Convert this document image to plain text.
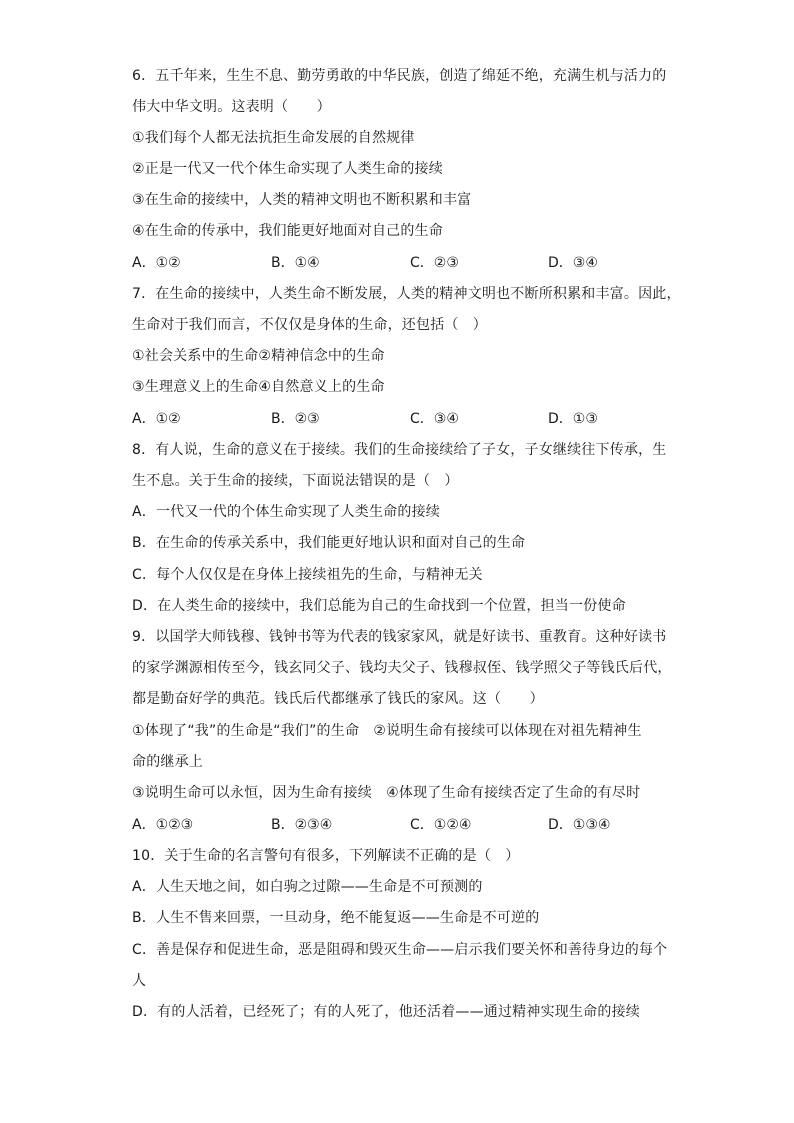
6．五千年来，生生不息、勤劳勇敢的中华民族，创造了绵延不绝，充满生机与活力的
伟大中华文明。这表明（　　）
①我们每个人都无法抗拒生命发展的自然规律
②正是一代又一代个体生命实现了人类生命的接续
③在生命的接续中，人类的精神文明也不断积累和丰富
④在生命的传承中，我们能更好地面对自己的生命
A．①②	B．①④	C．②③	D．③④
7．在生命的接续中，人类生命不断发展，人类的精神文明也不断所积累和丰富。因此，
生命对于我们而言，不仅仅是身体的生命，还包括（　）
①社会关系中的生命②精神信念中的生命
③生理意义上的生命④自然意义上的生命
A．①②	B．②③	C．③④	D．①③
8．有人说，生命的意义在于接续。我们的生命接续给了子女，子女继续往下传承，生
生不息。关于生命的接续，下面说法错误的是（　）
A．一代又一代的个体生命实现了人类生命的接续
B．在生命的传承关系中，我们能更好地认识和面对自己的生命
C．每个人仅仅是在身体上接续祖先的生命，与精神无关
D．在人类生命的接续中，我们总能为自己的生命找到一个位置，担当一份使命
9．以国学大师钱穆、钱钟书等为代表的钱家家风，就是好读书、重教育。这种好读书
的家学渊源相传至今，钱玄同父子、钱均夫父子、钱穆叔侄、钱学照父子等钱氏后代，
都是勤奋好学的典范。钱氏后代都继承了钱氏的家风。这（　　）
①体现了“我”的生命是“我们”的生命　②说明生命有接续可以体现在对祖先精神生
命的继承上
③说明生命可以永恒，因为生命有接续　④体现了生命有接续否定了生命的有尽时
A．①②③	B．②③④	C．①②④	D．①③④
10．关于生命的名言警句有很多，下列解读不正确的是（　）
A．人生天地之间，如白驹之过隙——生命是不可预测的
B．人生不售来回票，一旦动身，绝不能复返——生命是不可逆的
C．善是保存和促进生命，恶是阻碍和毁灭生命——启示我们要关怀和善待身边的每个
人
D．有的人活着，已经死了；有的人死了，他还活着——通过精神实现生命的接续
